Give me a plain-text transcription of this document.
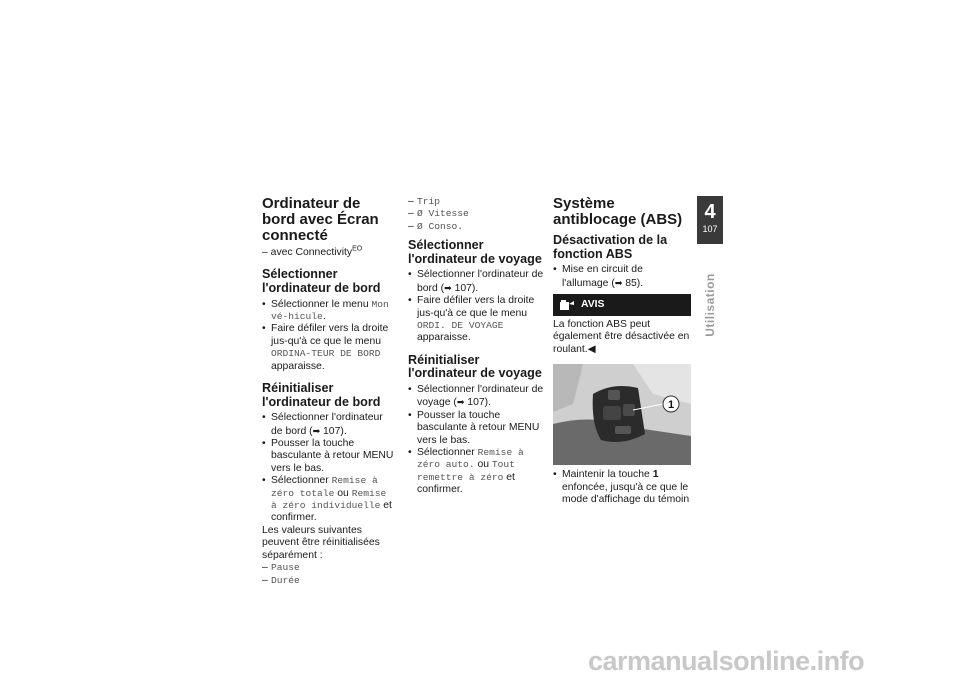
Ordinateur de bord avec Écran connecté

– avec Connectivity$^{EO}$

Sélectionner l'ordinateur de bord

• Sélectionner le menu Mon vé-hicule.

• Faire défiler vers la droite jus-qu'à ce que le menu ORDINA-TEUR DE BORD apparaisse.

Réinitialiser l'ordinateur de bord

• Sélectionner l'ordinateur de bord (➡ 107).

• Pousser la touche basculante à retour MENU vers le bas.

• Sélectionner Remise à zéro totale ou Remise à zéro individuelle et confirmer.

Les valeurs suivantes peuvent être réinitialisées séparément :

– Pause

– Durée

– Trip

– Ø Vitesse

– Ø Conso.

Sélectionner l'ordinateur de voyage

• Sélectionner l'ordinateur de bord (➡ 107).

• Faire défiler vers la droite jus-qu'à ce que le menu ORDI. DE VOYAGE apparaisse.

Réinitialiser l'ordinateur de voyage

• Sélectionner l'ordinateur de voyage (➡ 107).

• Pousser la touche basculante à retour MENU vers le bas.

• Sélectionner Remise à zéro auto. ou Tout remettre à zéro et confirmer.

Système antiblocage (ABS)
Désactivation de la fonction ABS

• Mise en circuit de l'allumage (➡ 85).

AVIS

La fonction ABS peut également être désactivée en roulant.◀

1

• Maintenir la touche 1 enfoncée, jusqu'à ce que le mode d'affichage du témoin

4
107
Utilisation
carmanualsonline.info
